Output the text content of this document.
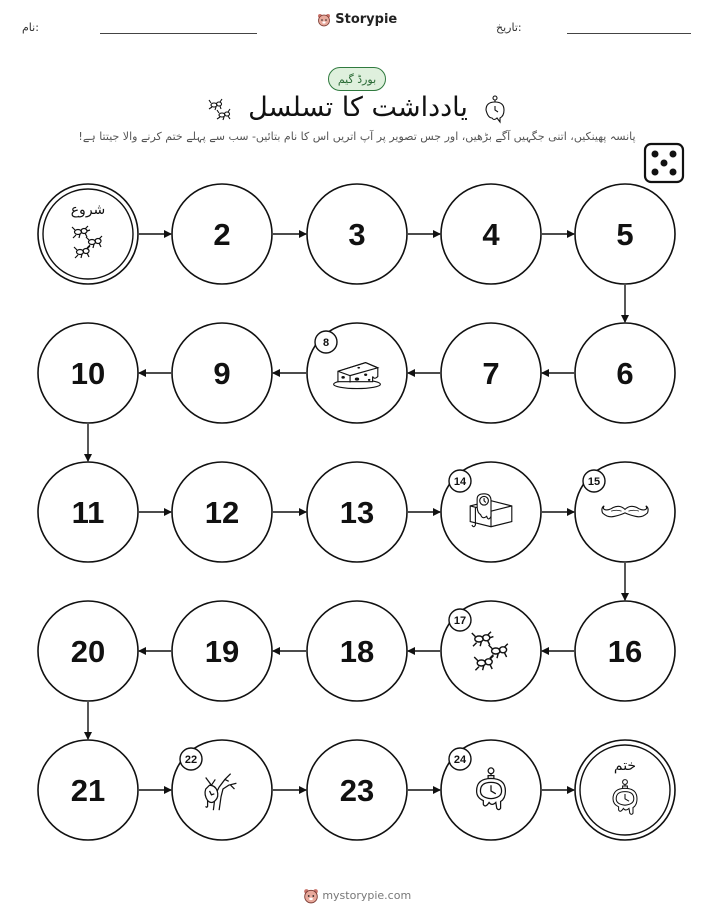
نام:	تاریخ:
Storypie
بورڈ گیم
یادداشت کا تسلسل
پانسہ پھینکیں، اتنی جگہیں آگے بڑھیں، اور جس تصویر پر آپ اتریں اس کا نام بتائیں- سب سے پہلے ختم کرنے والا جیتتا ہے!
شروع
2	3	4	5
10	9
8
7	6
11	12	13
14	15
20	19	18
17
16
21
22
23
24	ختم
mystorypie.com
